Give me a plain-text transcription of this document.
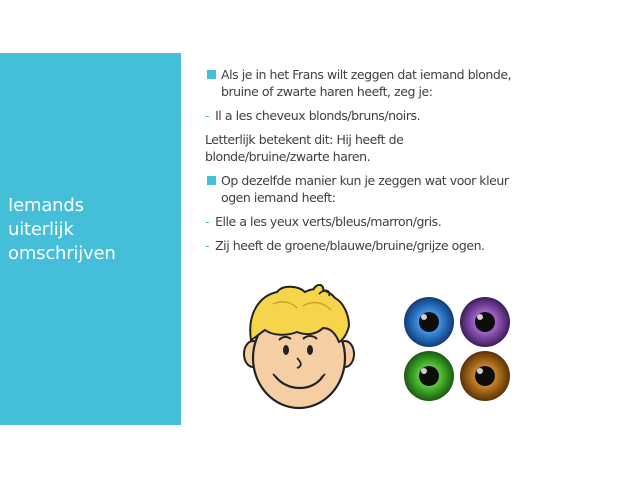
Iemands
uiterlijk
omschrijven
Als je in het Frans wilt zeggen dat iemand blonde,
bruine of zwarte haren heeft, zeg je:
- Il a les cheveux blonds/bruns/noirs.
Letterlijk betekent dit: Hij heeft de
blonde/bruine/zwarte haren.
Op dezelfde manier kun je zeggen wat voor kleur
ogen iemand heeft:
- Elle a les yeux verts/bleus/marron/gris.
- Zij heeft de groene/blauwe/bruine/grijze ogen.
